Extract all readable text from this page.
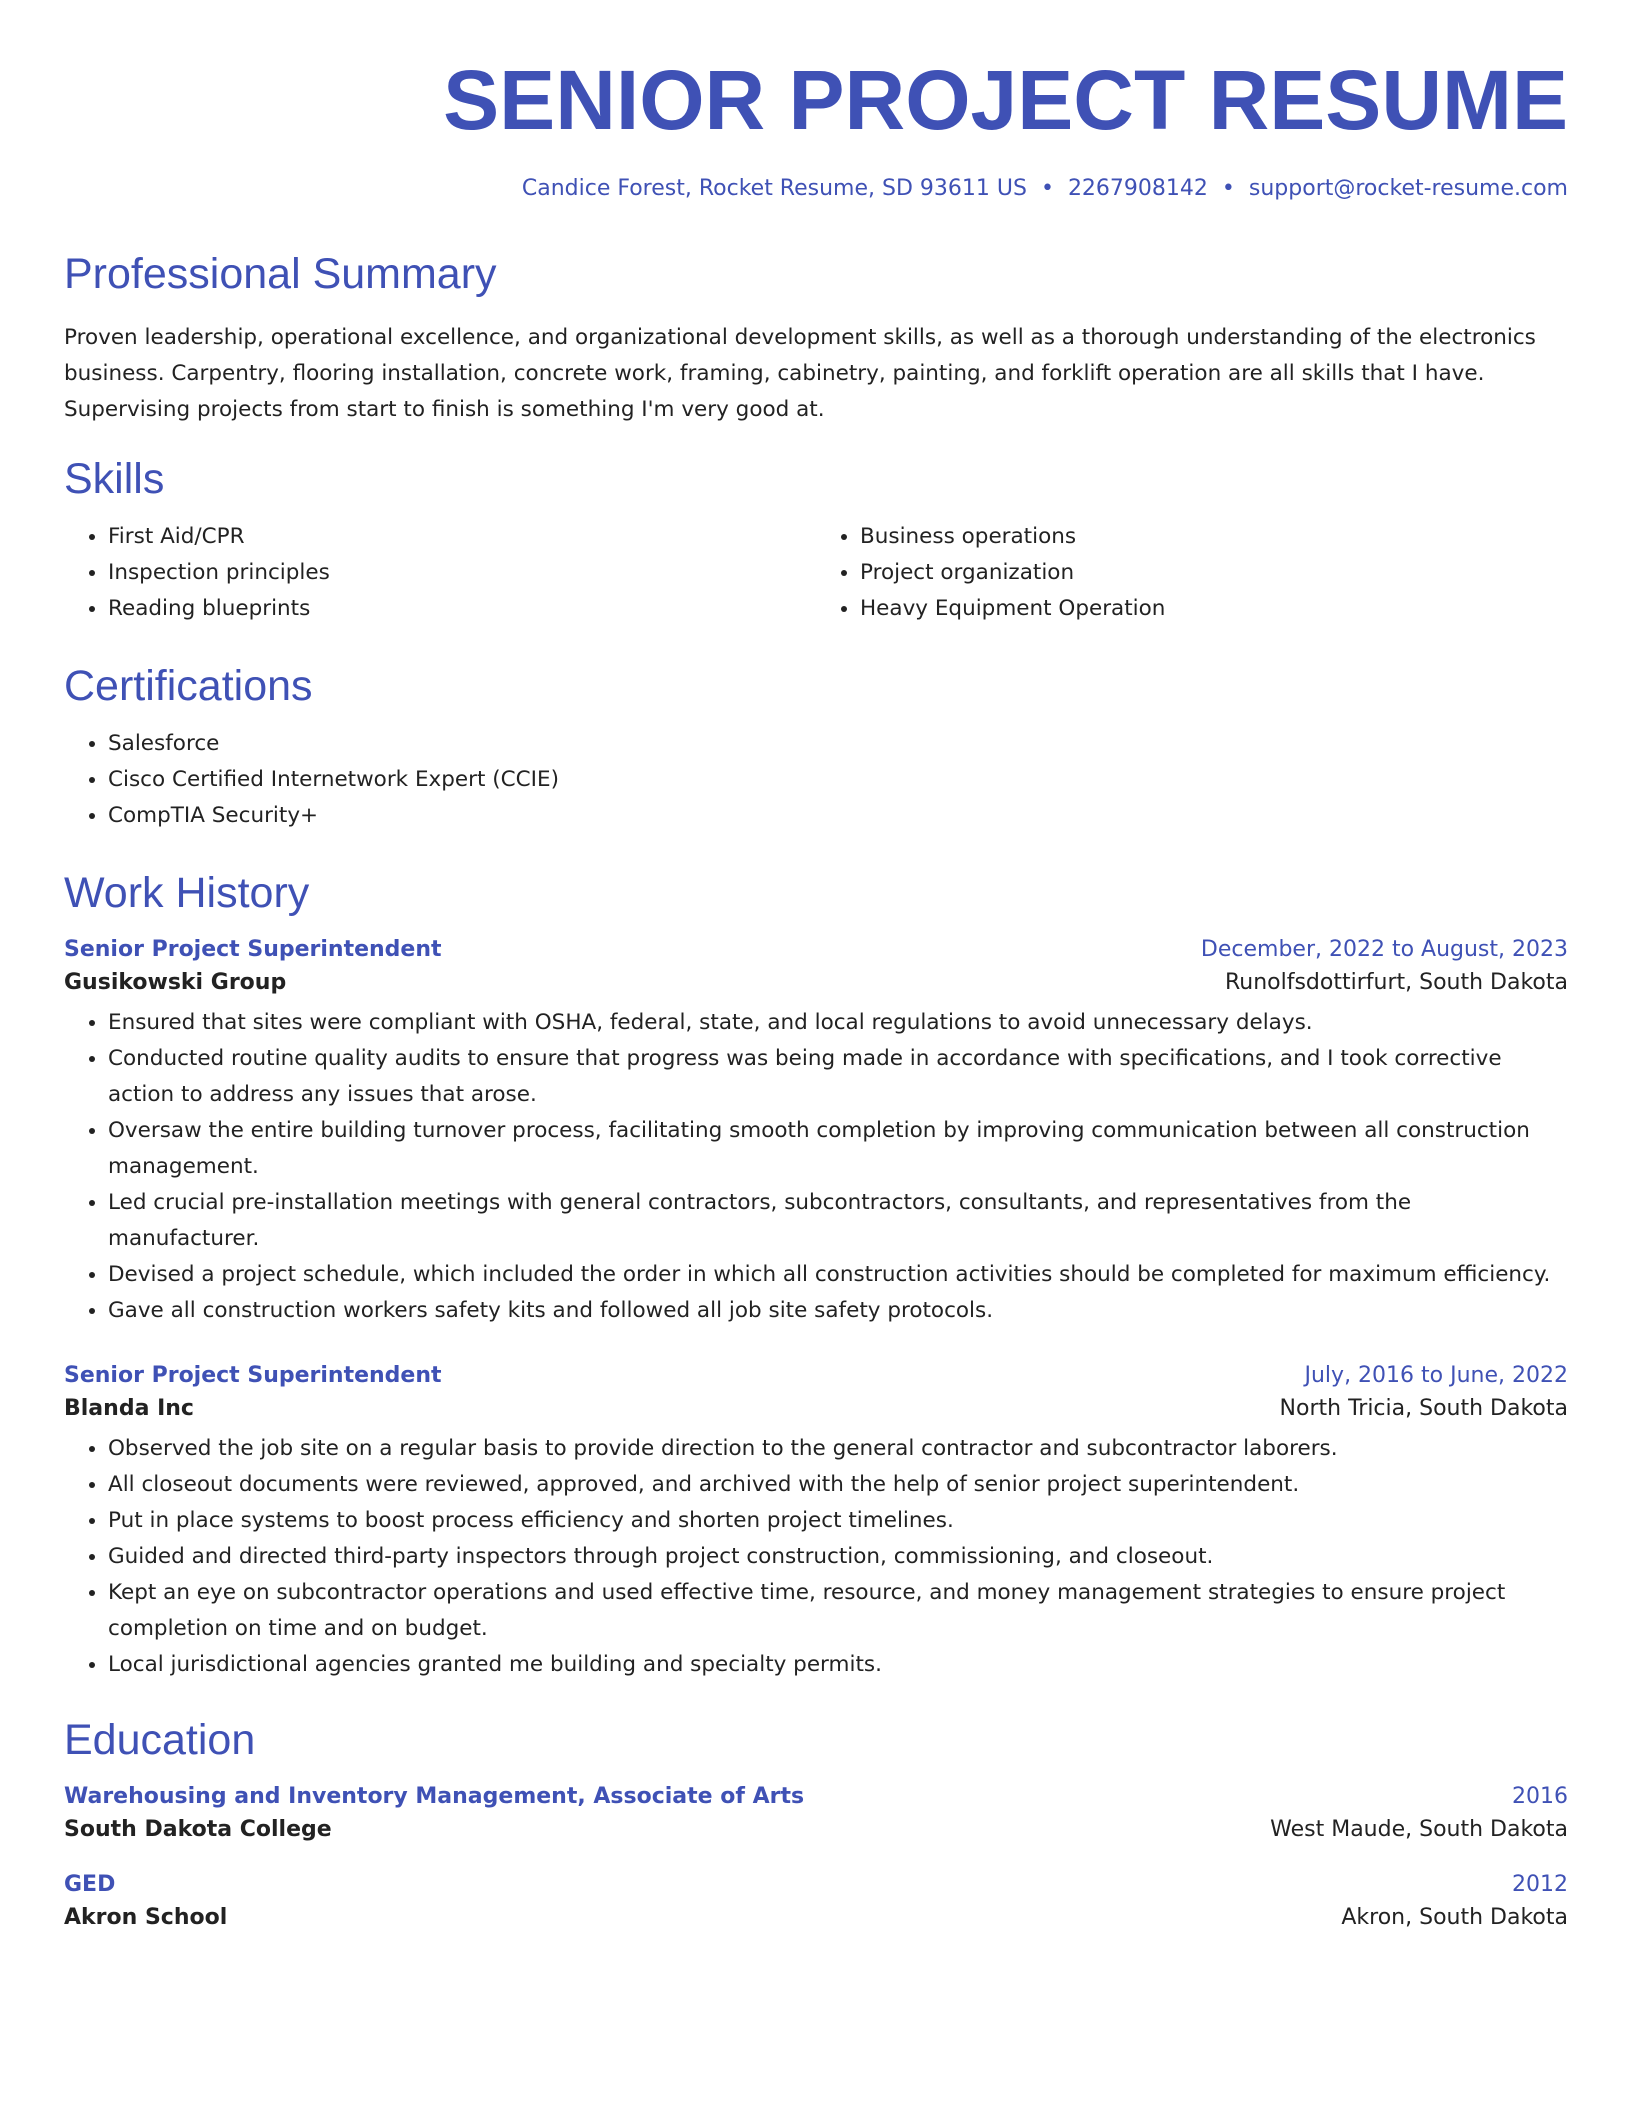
SENIOR PROJECT RESUME
Candice Forest, Rocket Resume, SD 93611 US • 2267908142 • support@rocket-resume.com
Professional Summary

Proven leadership, operational excellence, and organizational development skills, as well as a thorough understanding of the electronics business. Carpentry, flooring installation, concrete work, framing, cabinetry, painting, and forklift operation are all skills that I have. Supervising projects from start to finish is something I'm very good at.

Skills
• First Aid/CPR
• Inspection principles
• Reading blueprints
• Business operations
• Project organization
• Heavy Equipment Operation
Certifications
• Salesforce
• Cisco Certified Internetwork Expert (CCIE)
• CompTIA Security+
Work History
Senior Project Superintendent	December, 2022 to August, 2023
Gusikowski Group	Runolfsdottirfurt, South Dakota
• Ensured that sites were compliant with OSHA, federal, state, and local regulations to avoid unnecessary delays.
• Conducted routine quality audits to ensure that progress was being made in accordance with specifications, and I took corrective action to address any issues that arose.
• Oversaw the entire building turnover process, facilitating smooth completion by improving communication between all construction management.
• Led crucial pre-installation meetings with general contractors, subcontractors, consultants, and representatives from the manufacturer.
• Devised a project schedule, which included the order in which all construction activities should be completed for maximum efficiency.
• Gave all construction workers safety kits and followed all job site safety protocols.
Senior Project Superintendent	July, 2016 to June, 2022
Blanda Inc	North Tricia, South Dakota
• Observed the job site on a regular basis to provide direction to the general contractor and subcontractor laborers.
• All closeout documents were reviewed, approved, and archived with the help of senior project superintendent.
• Put in place systems to boost process efficiency and shorten project timelines.
• Guided and directed third-party inspectors through project construction, commissioning, and closeout.
• Kept an eye on subcontractor operations and used effective time, resource, and money management strategies to ensure project completion on time and on budget.
• Local jurisdictional agencies granted me building and specialty permits.
Education
Warehousing and Inventory Management, Associate of Arts	2016
South Dakota College	West Maude, South Dakota
GED	2012
Akron School	Akron, South Dakota
